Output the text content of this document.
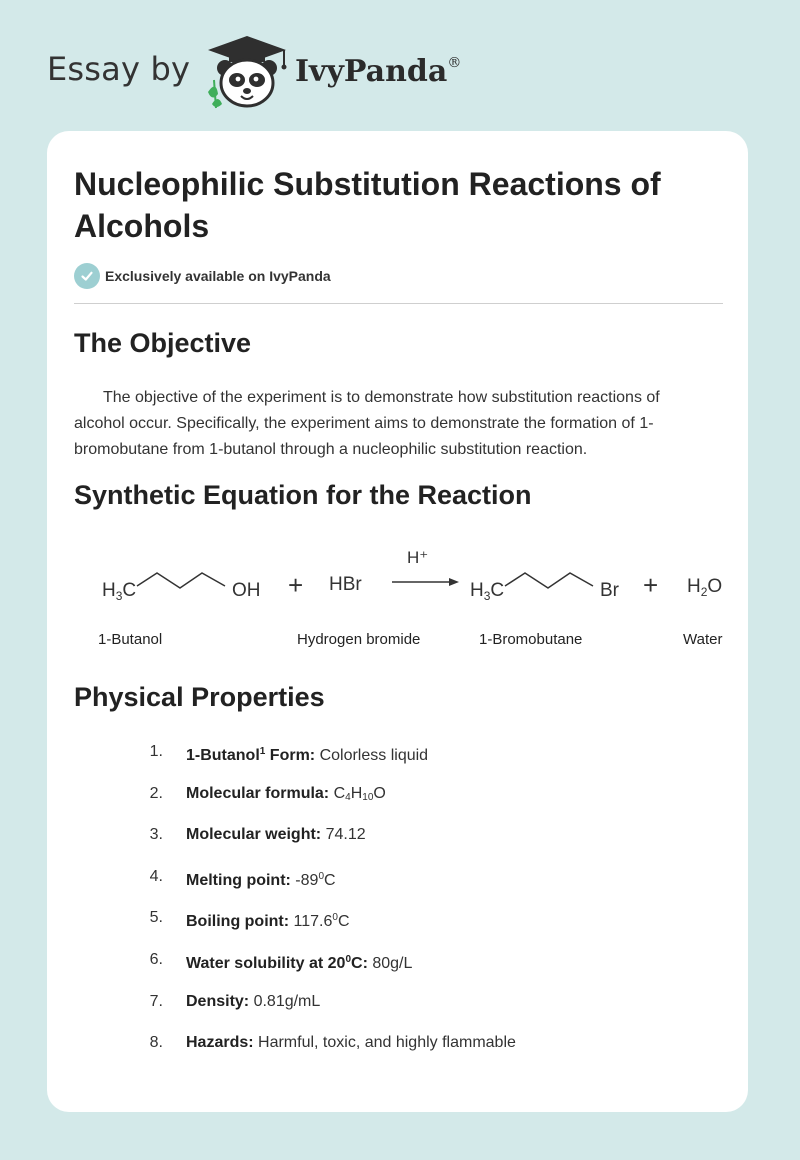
Essay by	IvyPanda®
Nucleophilic Substitution Reactions of Alcohols
Exclusively available on IvyPanda
The Objective

The objective of the experiment is to demonstrate how substitution reactions of alcohol occur. Specifically, the experiment aims to demonstrate the formation of 1-bromobutane from 1-butanol through a nucleophilic substitution reaction.

Synthetic Equation for the Reaction
$H_3C$	OH + HBr
H⁺
$H_3C$	$Br + H_2O$
1-Butanol	Hydrogen bromide	1-Bromobutane	Water
Physical Properties
1. 1-Butanol$^1$ Form: Colorless liquid
2. Molecular formula: C4H10O
3. Molecular weight: 74.12
4. Melting point: $-89^0C$
5. Boiling point: 117.6$^0$C
6. Water solubility at $20^0C$: 80g/L
7. Density: 0.81g/mL
8. Hazards: Harmful, toxic, and highly flammable
